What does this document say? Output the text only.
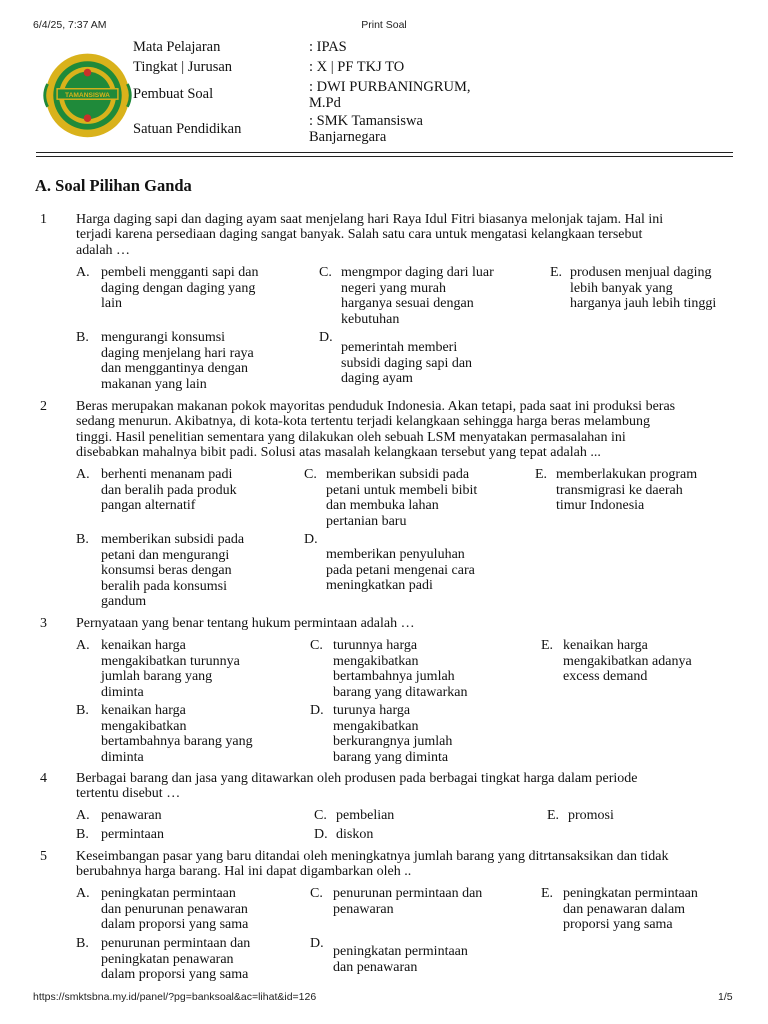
6/4/25, 7:37 AM	Print Soal
TAMANSISWA
Mata Pelajaran	: IPAS
Tingkat | Jurusan	: X | PF TKJ TO
Pembuat Soal	: DWI PURBANINGRUM,
M.Pd
Satuan Pendidikan	: SMK Tamansiswa
Banjarnegara
A. Soal Pilihan Ganda
1 Harga daging sapi dan daging ayam saat menjelang hari Raya Idul Fitri biasanya melonjak tajam. Hal ini
terjadi karena persediaan daging sangat banyak. Salah satu cara untuk mengatasi kelangkaan tersebut
adalah …
A. pembeli mengganti sapi dan
daging dengan daging yang
lain
C. mengmpor daging dari luar
negeri yang murah
harganya sesuai dengan
kebutuhan
E. produsen menjual daging
lebih banyak yang
harganya jauh lebih tinggi
B. mengurangi konsumsi
daging menjelang hari raya
dan menggantinya dengan
makanan yang lain
D.
pemerintah memberi
subsidi daging sapi dan
daging ayam
2 Beras merupakan makanan pokok mayoritas penduduk Indonesia. Akan tetapi, pada saat ini produksi beras
sedang menurun. Akibatnya, di kota-kota tertentu terjadi kelangkaan sehingga harga beras melambung
tinggi. Hasil penelitian sementara yang dilakukan oleh sebuah LSM menyatakan permasalahan ini
disebabkan mahalnya bibit padi. Solusi atas masalah kelangkaan tersebut yang tepat adalah ...
A. berhenti menanam padi
dan beralih pada produk
pangan alternatif
C. memberikan subsidi pada
petani untuk membeli bibit
dan membuka lahan
pertanian baru
E. memberlakukan program
transmigrasi ke daerah
timur Indonesia
B. memberikan subsidi pada
petani dan mengurangi
konsumsi beras dengan
beralih pada konsumsi
gandum
D.
memberikan penyuluhan
pada petani mengenai cara
meningkatkan padi
3 Pernyataan yang benar tentang hukum permintaan adalah …
A. kenaikan harga
mengakibatkan turunnya
jumlah barang yang
diminta
C. turunnya harga
mengakibatkan
bertambahnya jumlah
barang yang ditawarkan
E. kenaikan harga
mengakibatkan adanya
excess demand
B. kenaikan harga
mengakibatkan
bertambahnya barang yang
diminta
D. turunya harga
mengakibatkan
berkurangnya jumlah
barang yang diminta
4 Berbagai barang dan jasa yang ditawarkan oleh produsen pada berbagai tingkat harga dalam periode
tertentu disebut …
A. penawaran	C. pembelian	E. promosi
B. permintaan	D. diskon
5 Keseimbangan pasar yang baru ditandai oleh meningkatnya jumlah barang yang ditrtansaksikan dan tidak
berubahnya harga barang. Hal ini dapat digambarkan oleh ..
A. peningkatan permintaan
dan penurunan penawaran
dalam proporsi yang sama
C. penurunan permintaan dan
penawaran
E. peningkatan permintaan
dan penawaran dalam
proporsi yang sama
B. penurunan permintaan dan
peningkatan penawaran
dalam proporsi yang sama
D.
peningkatan permintaan
dan penawaran
https://smktsbna.my.id/panel/?pg=banksoal&ac=lihat&id=126	1/5
